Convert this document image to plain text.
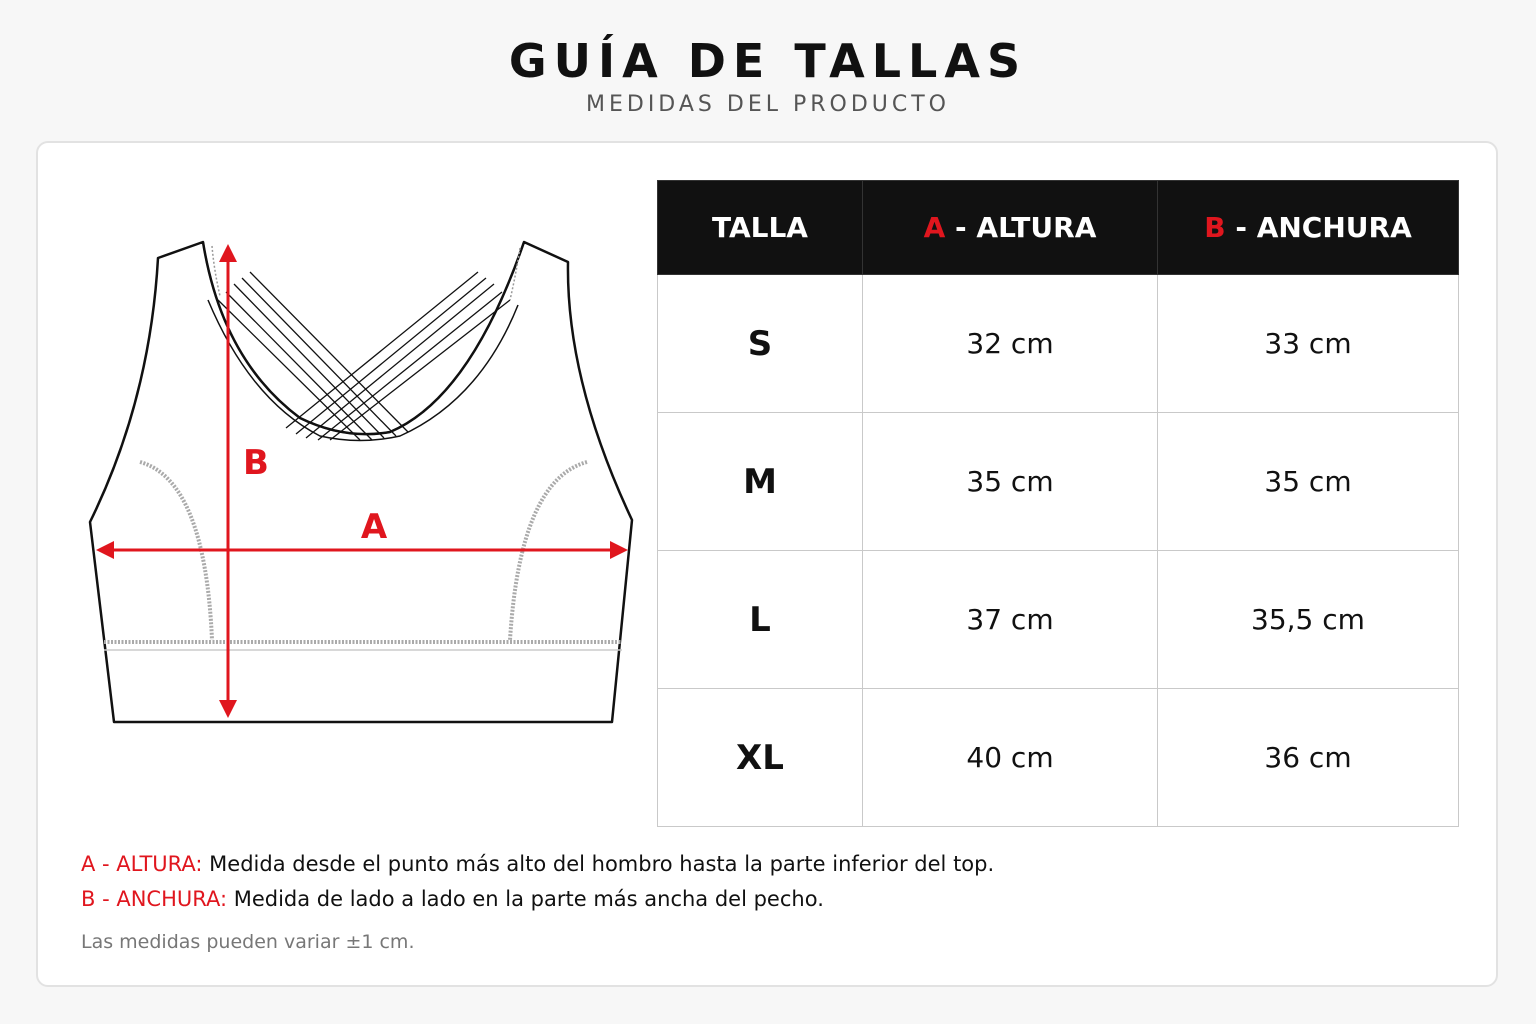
GUÍA DE TALLAS
MEDIDAS DEL PRODUCTO
B
A
TALLA	A - ALTURA	B - ANCHURA
S	32 cm	33 cm
M	35 cm	35 cm
L	37 cm	35,5 cm
XL	40 cm	36 cm
A - ALTURA: Medida desde el punto más alto del hombro hasta la parte inferior del top.
B - ANCHURA: Medida de lado a lado en la parte más ancha del pecho.
Las medidas pueden variar ±1 cm.
